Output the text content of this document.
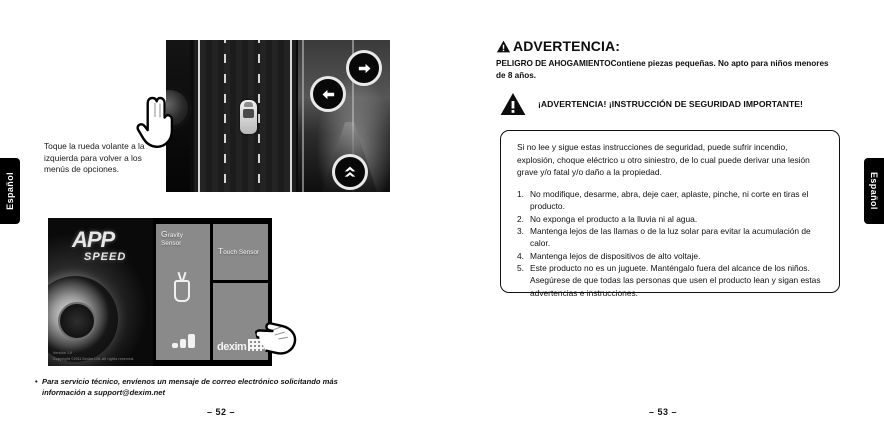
Español	Español
Toque la rueda volante a la izquierda para volver a los menús de opciones.
APP
SPEED
Version 1.0
Copyright ©2011 Dexim Ltd. All rights reserved.
Gravity
Sensor
Touch Sensor
dexim
• Para servicio técnico, envíenos un mensaje de correo electrónico solicitando más información a support@dexim.net
– 52 –
ADVERTENCIA:
PELIGRO DE AHOGAMIENTOContiene piezas pequeñas. No apto para niños menores de 8 años.
¡ADVERTENCIA! ¡INSTRUCCIÓN DE SEGURIDAD IMPORTANTE!
Si no lee y sigue estas instrucciones de seguridad, puede sufrir incendio, explosión, choque eléctrico u otro siniestro, de lo cual puede derivar una lesión grave y/o fatal y/o daño a la propiedad.
1. No modifique, desarme, abra, deje caer, aplaste, pinche, ni corte en tiras el producto.
2. No exponga el producto a la lluvia ni al agua.
3. Mantenga lejos de las llamas o de la luz solar para evitar la acumulación de calor.
4. Mantenga lejos de dispositivos de alto voltaje.
5. Este producto no es un juguete. Manténgalo fuera del alcance de los niños. Asegúrese de que todas las personas que usen el producto lean y sigan estas advertencias e instrucciones.
– 53 –
